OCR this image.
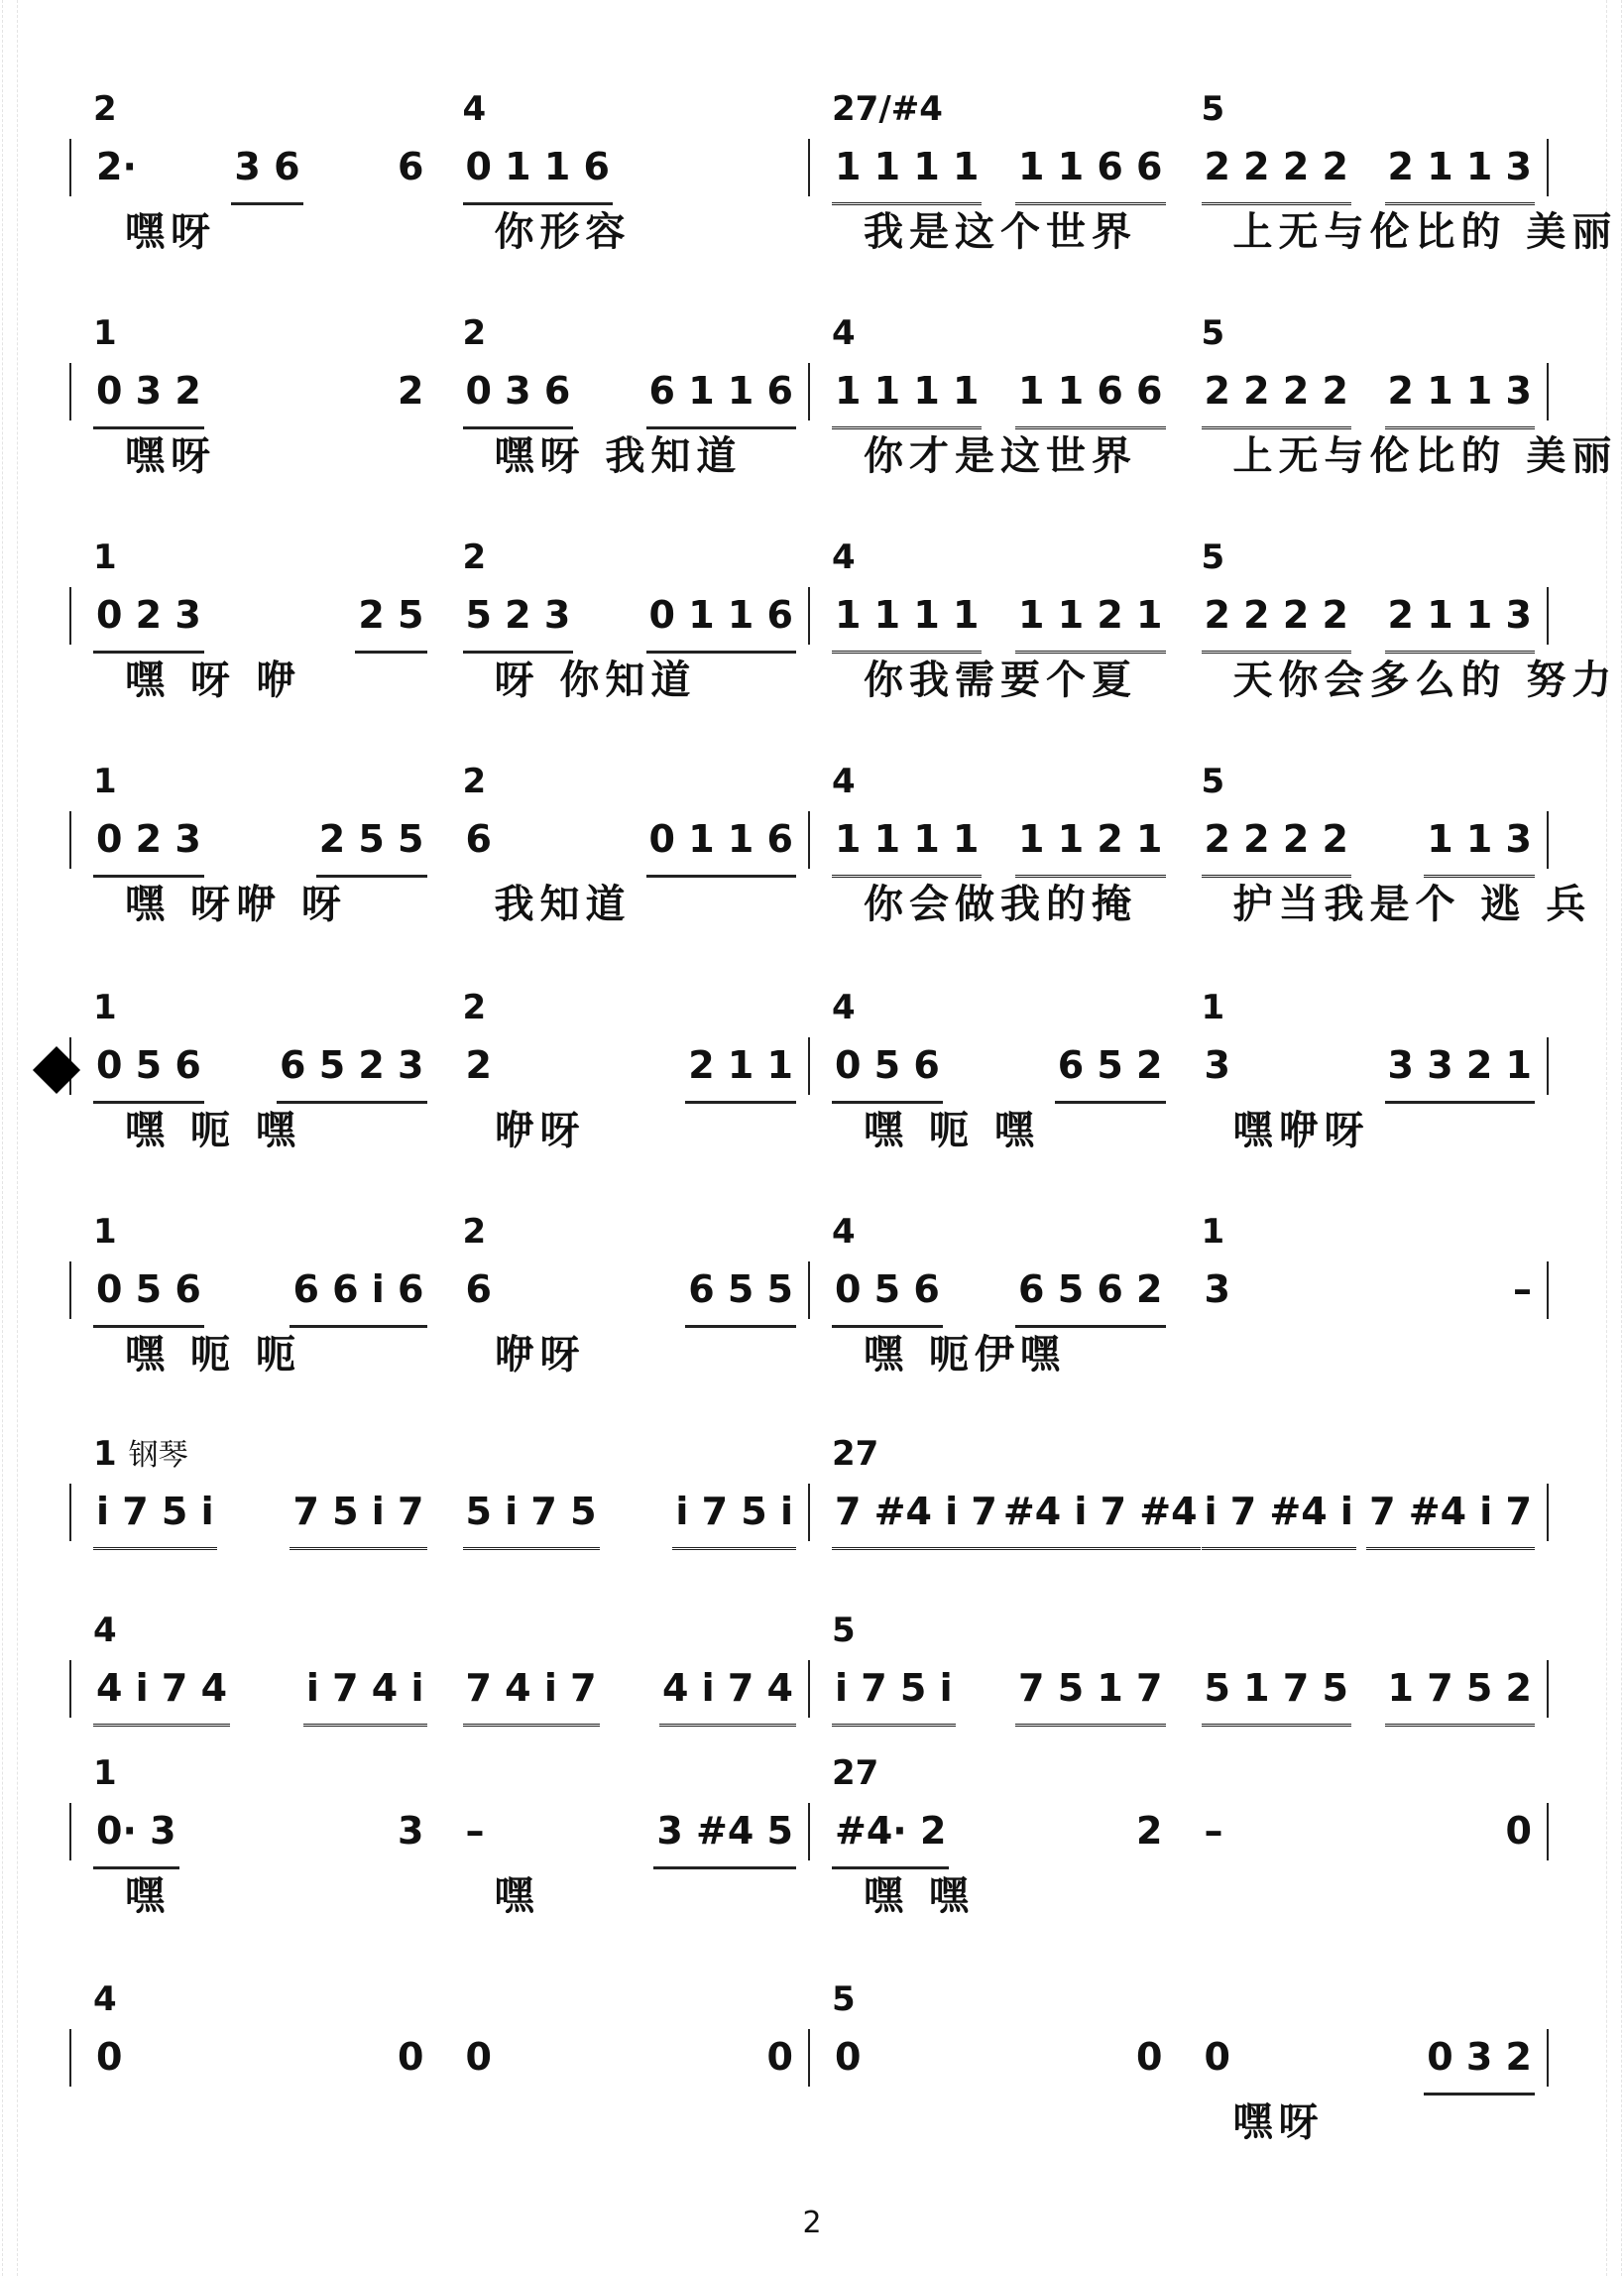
2
2·	3 6	6
嘿呀
4
0 1 1 6
你形容
27/#4
1 1 1 1 1 1 6 6
我是这个世界
5
2 2 2 2 2 1 1 3
上无与伦比的 美丽
1
0 3 2	2
嘿呀
2
0 3 6 6 1 1 6
嘿呀 我知道
4
1 1 1 1 1 1 6 6
你才是这世界
5
2 2 2 2 2 1 1 3
上无与伦比的 美丽
1
0 2 3	2 5
嘿 呀 咿
2
5 2 3 0 1 1 6
呀 你知道
4
1 1 1 1 1 1 2 1
你我需要个夏
5
2 2 2 2 2 1 1 3
天你会多么的 努力
1
0 2 3	2 5 5
嘿 呀咿 呀
2
6	0 1 1 6
我知道
4
1 1 1 1 1 1 2 1
你会做我的掩
5
2 2 2 2 1 1 3
护当我是个 逃 兵
1
0 5 6 6 5 2 3
嘿 呃 嘿
2
2	2 1 1
咿呀
4
0 5 6	6 5 2
嘿 呃 嘿
1
3	3 3 2 1
嘿咿呀
1
0 5 6 6 6 i 6
嘿 呃 呃
2
6	6 5 5
咿呀
4
0 5 6 6 5 6 2
嘿 呃伊嘿
1
3	–
1 钢琴
i 7 5 i 7 5 i 7 5 i 7 5 i 7 5 i
27
7 #4 i 7 #4 i 7 #4 i 7 #4 i 7 #4 i 7
4
4 i 7 4 i 7 4 i 7 4 i 7 4 i 7 4
5
i 7 5 i 7 5 1 7 5 1 7 5 1 7 5 2
1
0· 3	3
嘿
–	3 #4 5
嘿
27
#4· 2	2
嘿 嘿
–	0
4
0	0 0	0
5
0	0 0	0 3 2
嘿呀
2
